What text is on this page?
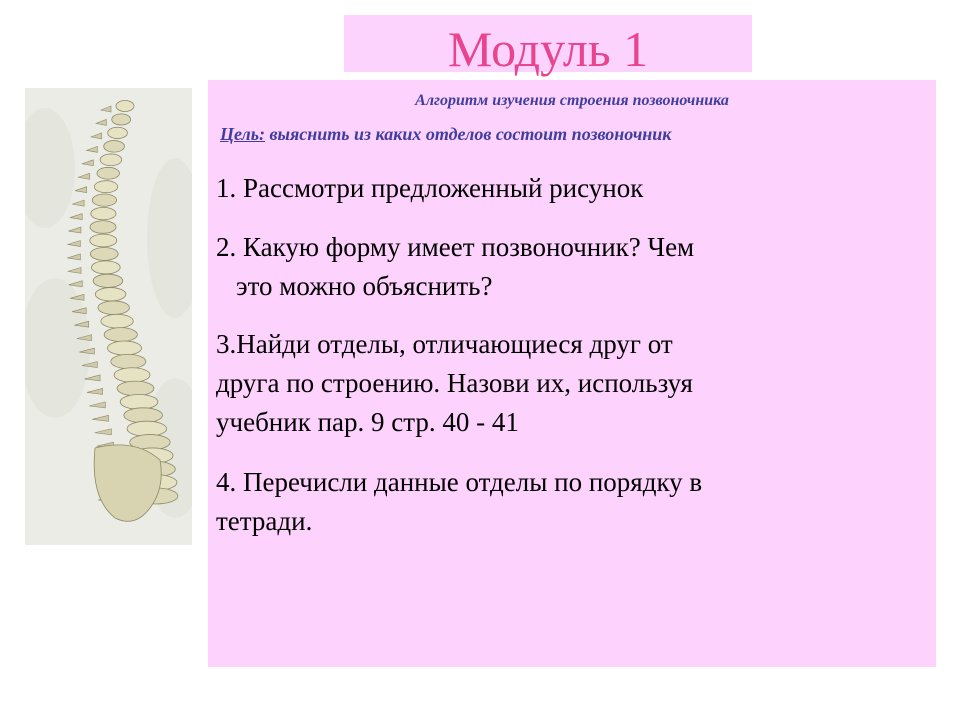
Модуль 1
Алгоритм изучения строения позвоночника
Цель: выяснить из каких отделов состоит позвоночник
1. Рассмотри предложенный рисунок
2. Какую форму имеет позвоночник? Чем
это можно объяснить?
3.Найди отделы, отличающиеся друг от
друга по строению. Назови их, используя
учебник пар. 9 стр. 40 - 41
4. Перечисли данные отделы по порядку в
тетради.
